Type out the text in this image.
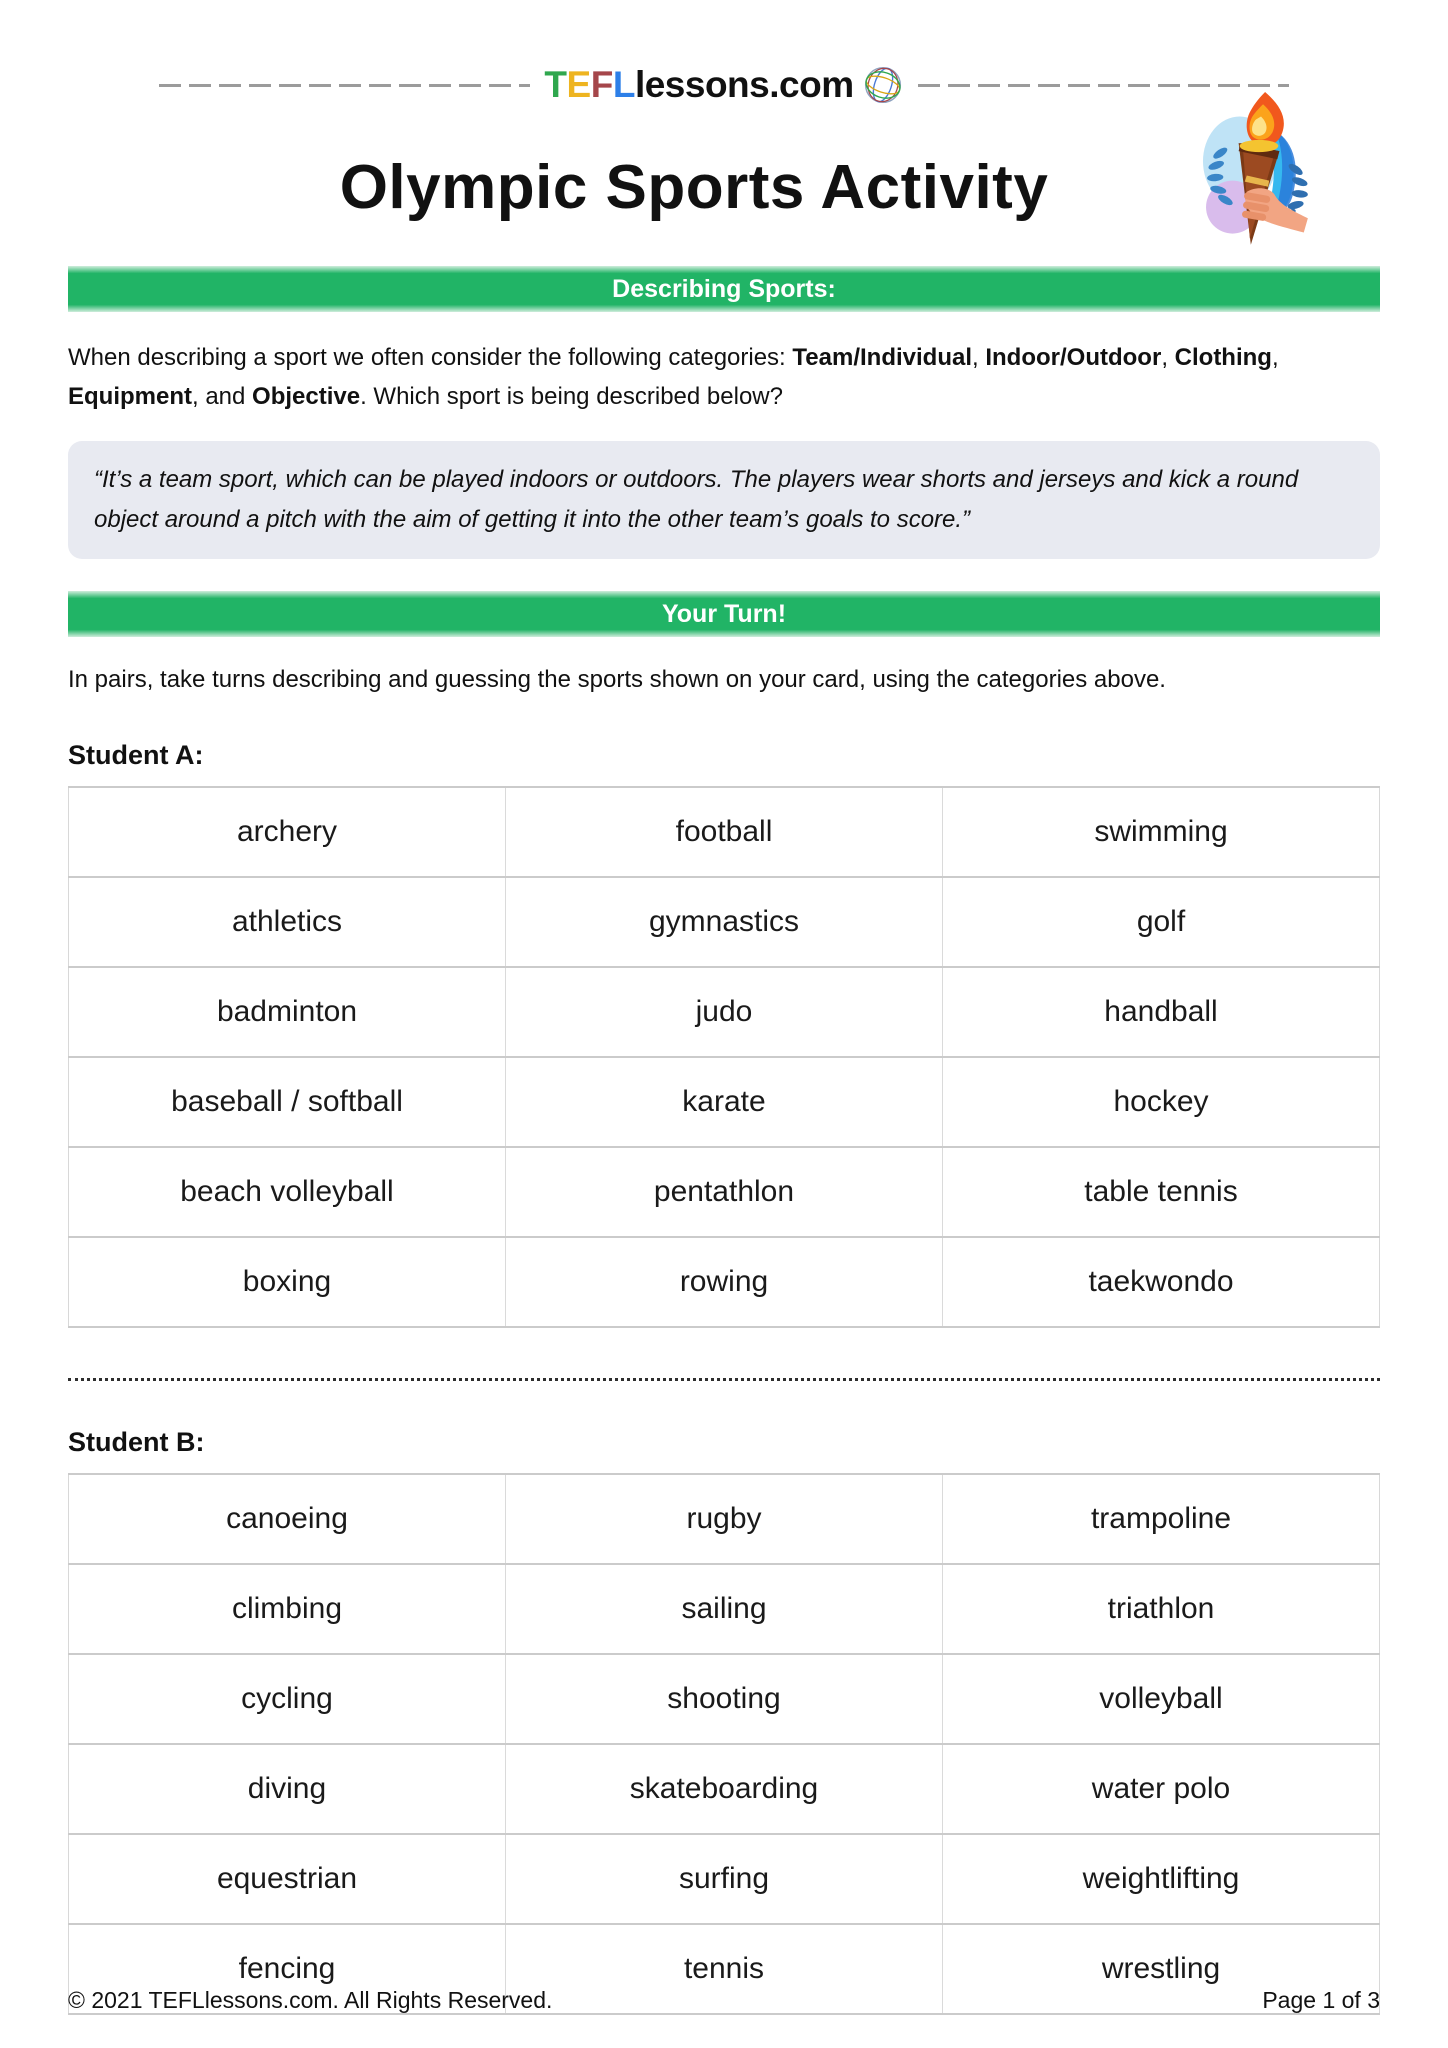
T E F L lessons.com
Olympic Sports Activity
Describing Sports:

When describing a sport we often consider the following categories: Team/Individual, Indoor/Outdoor, Clothing, Equipment, and Objective. Which sport is being described below?

“It’s a team sport, which can be played indoors or outdoors. The players wear shorts and jerseys and kick a round object around a pitch with the aim of getting it into the other team’s goals to score.”
Your Turn!

In pairs, take turns describing and guessing the sports shown on your card, using the categories above.

Student A:
archery	football	swimming
athletics	gymnastics	golf
badminton	judo	handball
baseball / softball	karate	hockey
beach volleyball	pentathlon	table tennis
boxing	rowing	taekwondo
Student B:
canoeing	rugby	trampoline
climbing	sailing	triathlon
cycling	shooting	volleyball
diving	skateboarding	water polo
equestrian	surfing	weightlifting
fencing	tennis	wrestling
© 2021 TEFLlessons.com. All Rights Reserved.	Page 1 of 3
